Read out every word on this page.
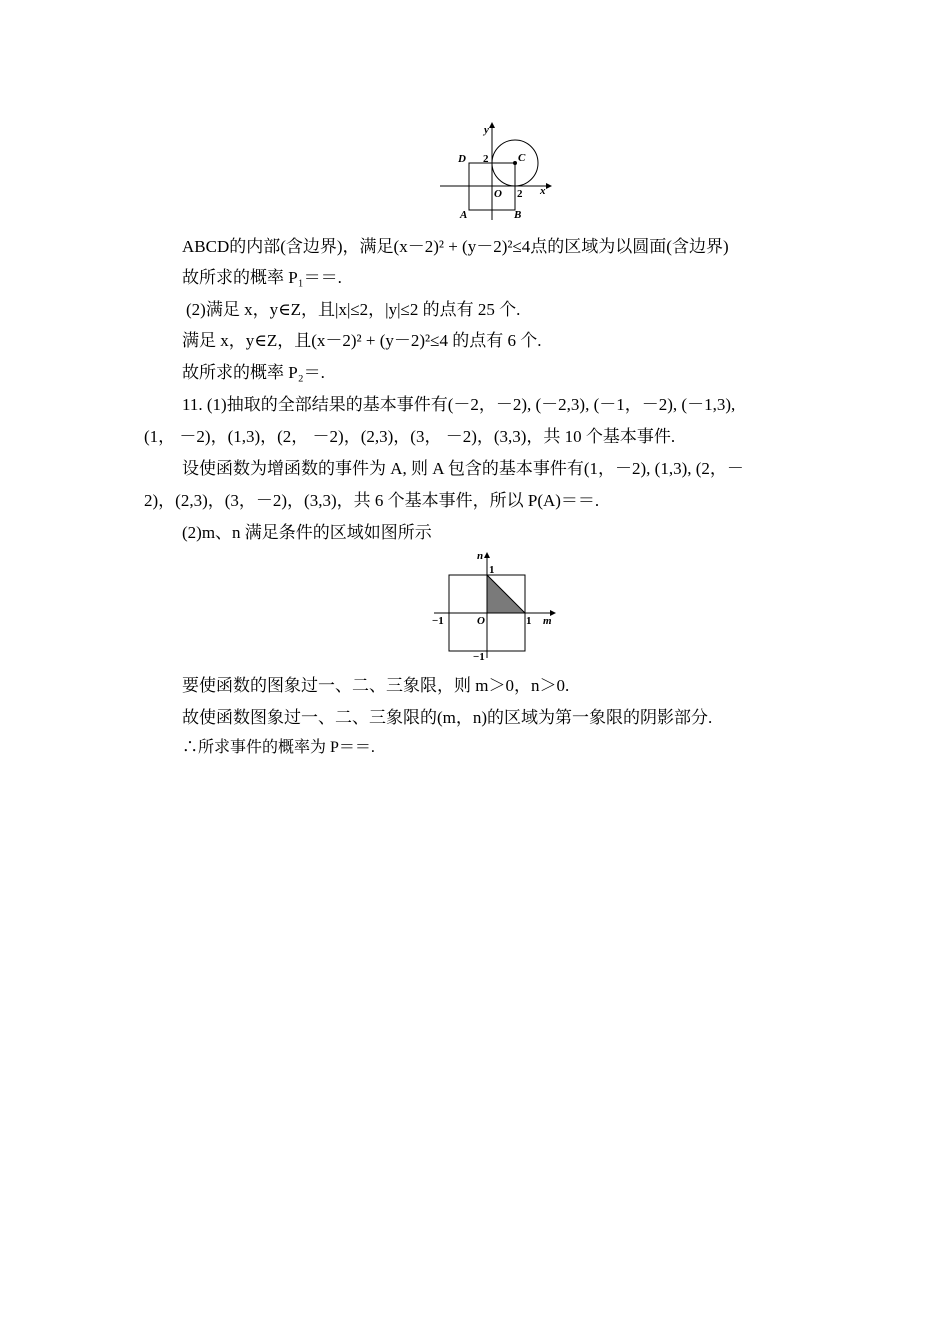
y
x
D	C
O
A	B
2
2
ABCD的内部(含边界)，满足(x－2)² + (y－2)²≤4点的区域为以圆面(含边界)
故所求的概率 P₁＝＝.
(2)满足 x，y∈Z，且|x|≤2，|y|≤2 的点有 25 个.
满足 x，y∈Z，且(x－2)² + (y－2)²≤4 的点有 6 个.
故所求的概率 P₂＝.
11. (1)抽取的全部结果的基本事件有(－2，－2), (－2,3), (－1，－2), (－1,3),
(1， －2)，(1,3)，(2， －2)，(2,3)，(3， －2)，(3,3)，共 10 个基本事件.
设使函数为增函数的事件为 A, 则 A 包含的基本事件有(1，－2), (1,3), (2，－
2)，(2,3)，(3，－2)，(3,3)，共 6 个基本事件，所以 P(A)＝＝.
(2)m、n 满足条件的区域如图所示
n
O	m
1
−1	1
−1
要使函数的图象过一、二、三象限，则 m＞0，n＞0.
故使函数图象过一、二、三象限的(m，n)的区域为第一象限的阴影部分.
∴所求事件的概率为 P＝＝.
